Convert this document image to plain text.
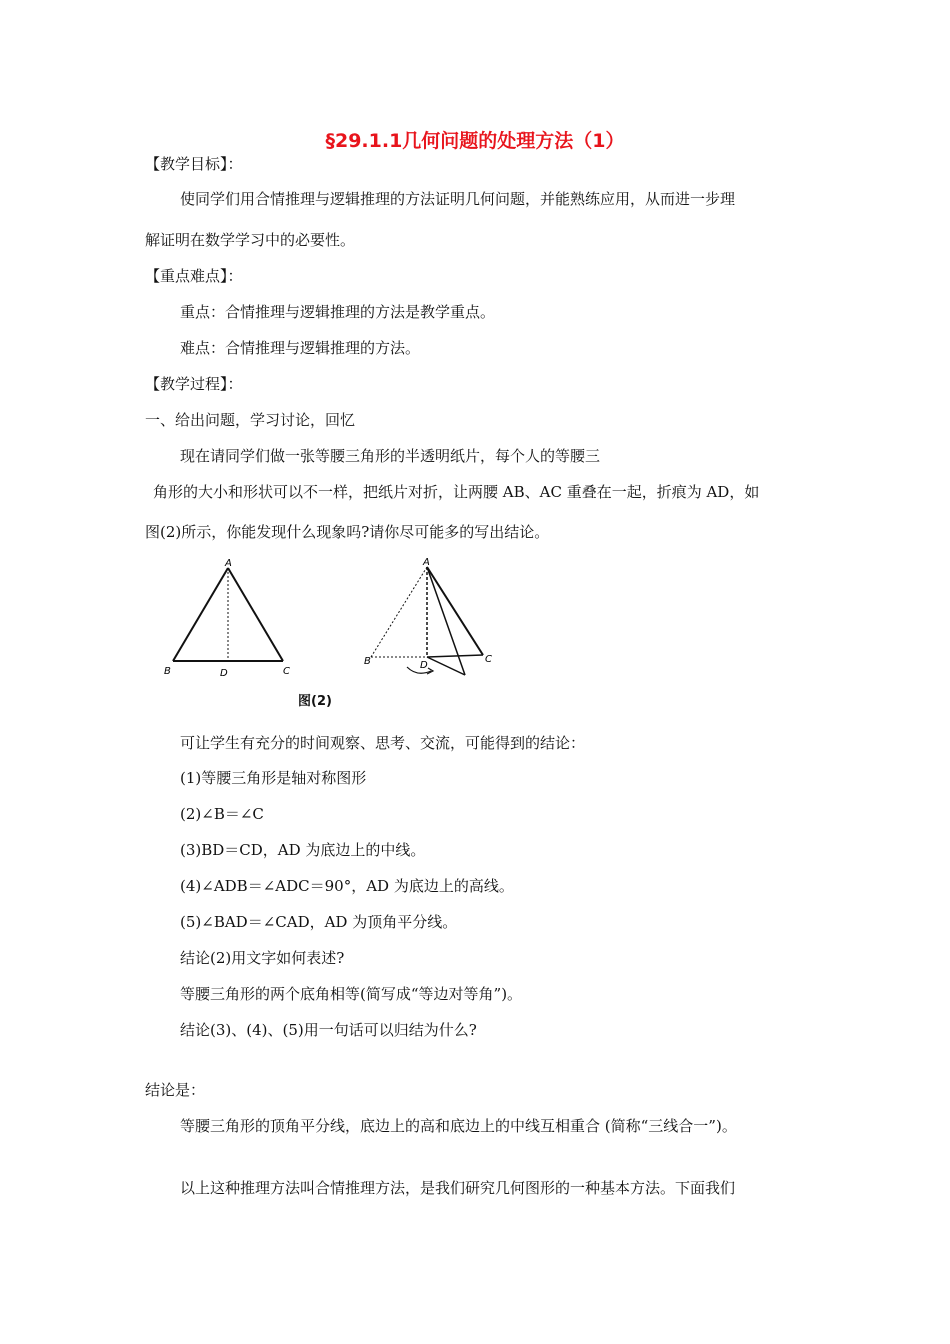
§29.1.1几何问题的处理方法（1）
【教学目标】：
使同学们用合情推理与逻辑推理的方法证明几何问题，并能熟练应用，从而进一步理
解证明在数学学习中的必要性。
【重点难点】：
重点：合情推理与逻辑推理的方法是教学重点。
难点：合情推理与逻辑推理的方法。
【教学过程】：
一、给出问题，学习讨论，回忆
现在请同学们做一张等腰三角形的半透明纸片，每个人的等腰三
角形的大小和形状可以不一样，把纸片对折，让两腰 AB、AC 重叠在一起，折痕为 AD，如
图(2)所示，你能发现什么现象吗?请你尽可能多的写出结论。
A
B	C
D
A
B	C
D
图(2)
可让学生有充分的时间观察、思考、交流，可能得到的结论：
(1)等腰三角形是轴对称图形
(2)∠B＝∠C
(3)BD＝CD，AD 为底边上的中线。
(4)∠ADB＝∠ADC＝90°，AD 为底边上的高线。
(5)∠BAD＝∠CAD，AD 为顶角平分线。
结论(2)用文字如何表述?
等腰三角形的两个底角相等(简写成“等边对等角”)。
结论(3)、(4)、(5)用一句话可以归结为什么?
结论是：
等腰三角形的顶角平分线，底边上的高和底边上的中线互相重合 (简称“三线合一”)。
以上这种推理方法叫合情推理方法，是我们研究几何图形的一种基本方法。下面我们
